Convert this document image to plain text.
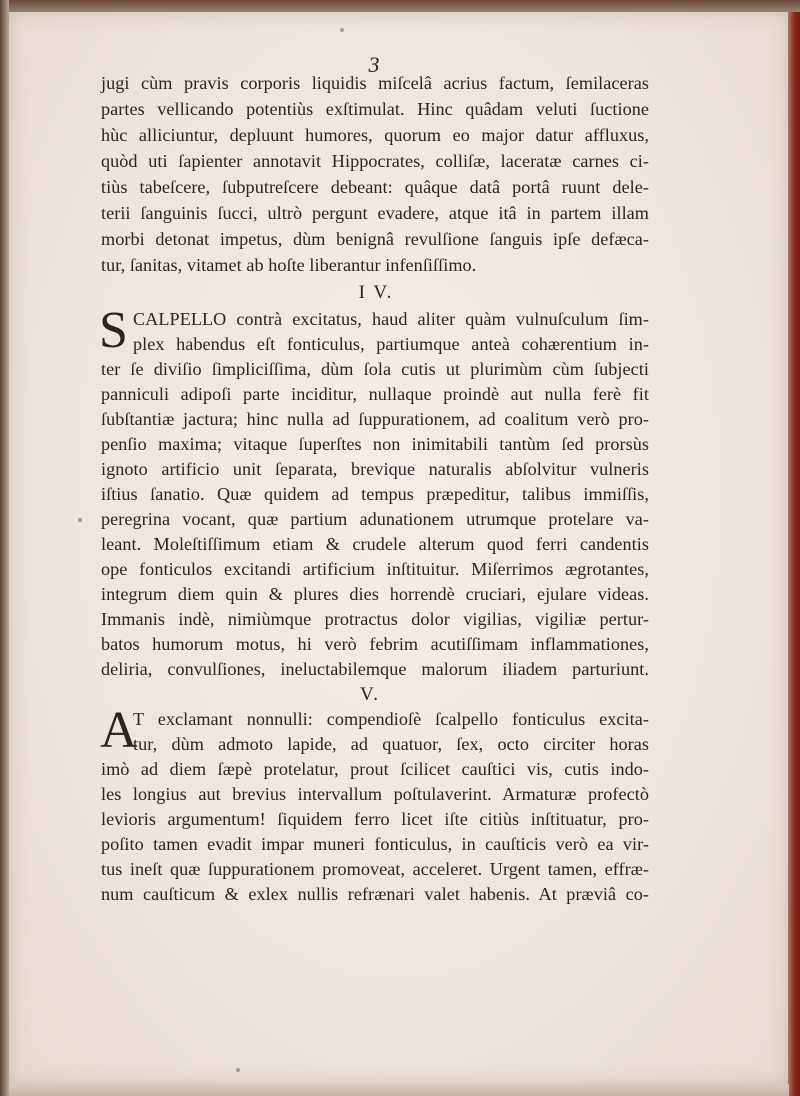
3
jugi cùm pravis corporis liquidis miſcelâ acrius factum, ſemilaceras
partes vellicando potentiùs exſtimulat. Hinc quâdam veluti ſuctione
hùc alliciuntur, depluunt humores, quorum eo major datur affluxus,
quòd uti ſapienter annotavit Hippocrates, colliſæ, laceratæ carnes ci-
tiùs tabeſcere, ſubputreſcere debeant: quâque datâ portâ ruunt dele-
terii ſanguinis ſucci, ultrò pergunt evadere, atque itâ in partem illam
morbi detonat impetus, dùm benignâ revulſione ſanguis ipſe defæca-
tur, ſanitas, vitamet ab hoſte liberantur infenſiſſimo.
I V.
S CALPELLO contrà excitatus, haud aliter quàm vulnuſculum ſim-
plex habendus eſt fonticulus, partiumque anteà cohærentium in-
ter ſe diviſio ſimpliciſſima, dùm ſola cutis ut plurimùm cùm ſubjecti
panniculi adipoſi parte inciditur, nullaque proindè aut nulla ferè fit
ſubſtantiæ jactura; hinc nulla ad ſuppurationem, ad coalitum verò pro-
penſio maxima; vitaque ſuperſtes non inimitabili tantùm ſed prorsùs
ignoto artificio unit ſeparata, brevique naturalis abſolvitur vulneris
iſtius ſanatio. Quæ quidem ad tempus præpeditur, talibus immiſſis,
peregrina vocant, quæ partium adunationem utrumque protelare va-
leant. Moleſtiſſimum etiam & crudele alterum quod ferri candentis
ope fonticulos excitandi artificium inſtituitur. Miſerrimos ægrotantes,
integrum diem quin & plures dies horrendè cruciari, ejulare videas.
Immanis indè, nimiùmque protractus dolor vigilias, vigiliæ pertur-
batos humorum motus, hi verò febrim acutiſſimam inflammationes,
deliria, convulſiones, ineluctabilemque malorum iliadem parturiunt.
V.
A
T exclamant nonnulli: compendioſè ſcalpello fonticulus excita-
tur, dùm admoto lapide, ad quatuor, ſex, octo circiter horas
imò ad diem ſæpè protelatur, prout ſcilicet cauſtici vis, cutis indo-
les longius aut brevius intervallum poſtulaverint. Armaturæ profectò
levioris argumentum! ſiquidem ferro licet iſte citiùs inſtituatur, pro-
poſito tamen evadit impar muneri fonticulus, in cauſticis verò ea vir-
tus ineſt quæ ſuppurationem promoveat, acceleret. Urgent tamen, effræ-
num cauſticum & exlex nullis refrænari valet habenis. At præviâ co-
